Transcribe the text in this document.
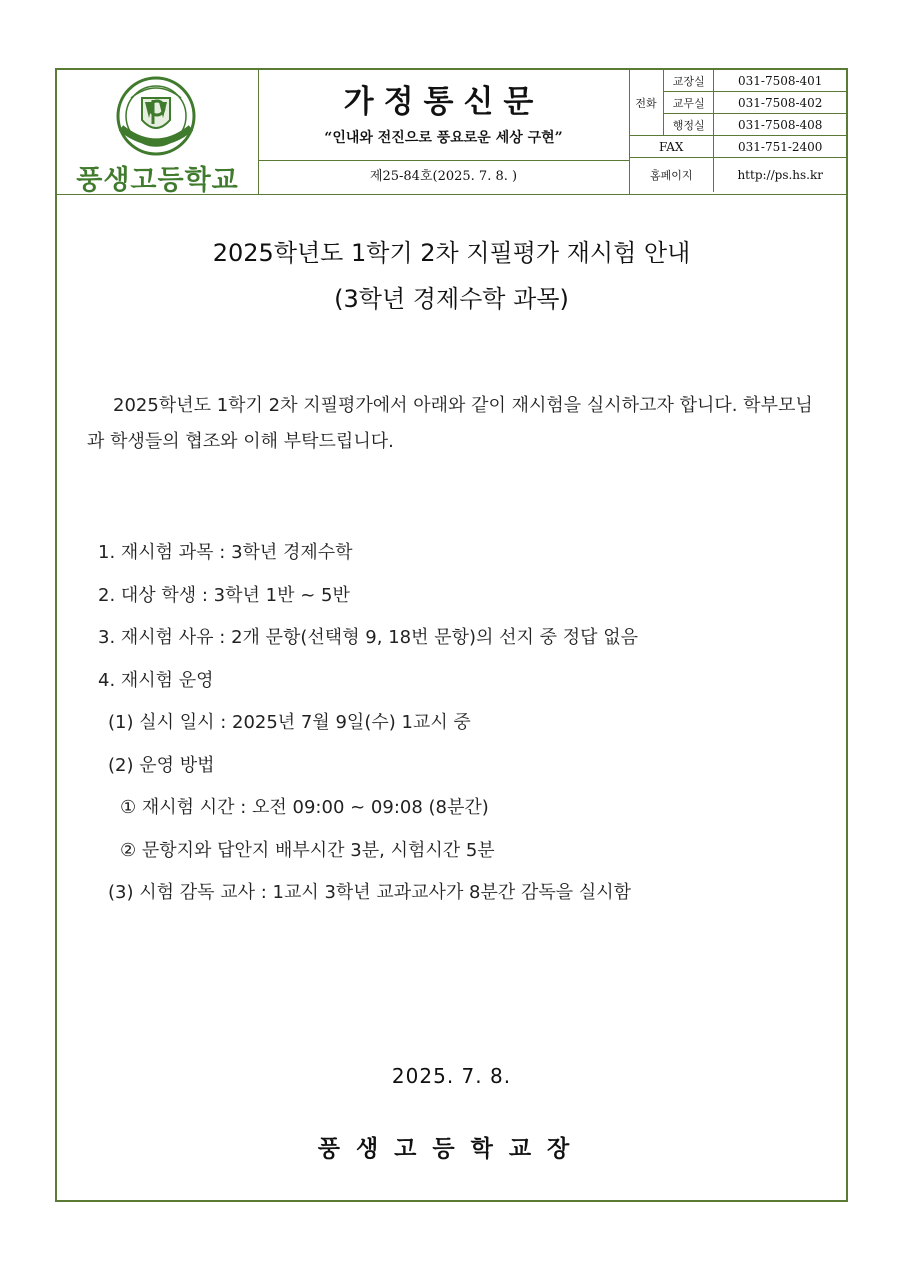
풍생고등학교
가정통신문
“인내와 전진으로 풍요로운 세상 구현”
제25-84호(2025. 7. 8. )
전화	교장실	031-7508-401
	교무실	031-7508-402
	행정실	031-7508-408
FAX		031-751-2400
홈페이지		http://ps.hs.kr
2025학년도 1학기 2차 지필평가 재시험 안내
(3학년 경제수학 과목)

2025학년도 1학기 2차 지필평가에서 아래와 같이 재시험을 실시하고자 합니다. 학부모님과 학생들의 협조와 이해 부탁드립니다.

1. 재시험 과목 : 3학년 경제수학
2. 대상 학생 : 3학년 1반 ~ 5반
3. 재시험 사유 : 2개 문항(선택형 9, 18번 문항)의 선지 중 정답 없음
4. 재시험 운영
(1) 실시 일시 : 2025년 7월 9일(수) 1교시 중
(2) 운영 방법
① 재시험 시간 : 오전 09:00 ~ 09:08 (8분간)
② 문항지와 답안지 배부시간 3분, 시험시간 5분
(3) 시험 감독 교사 : 1교시 3학년 교과교사가 8분간 감독을 실시함
2025. 7. 8.
풍생고등학교장
